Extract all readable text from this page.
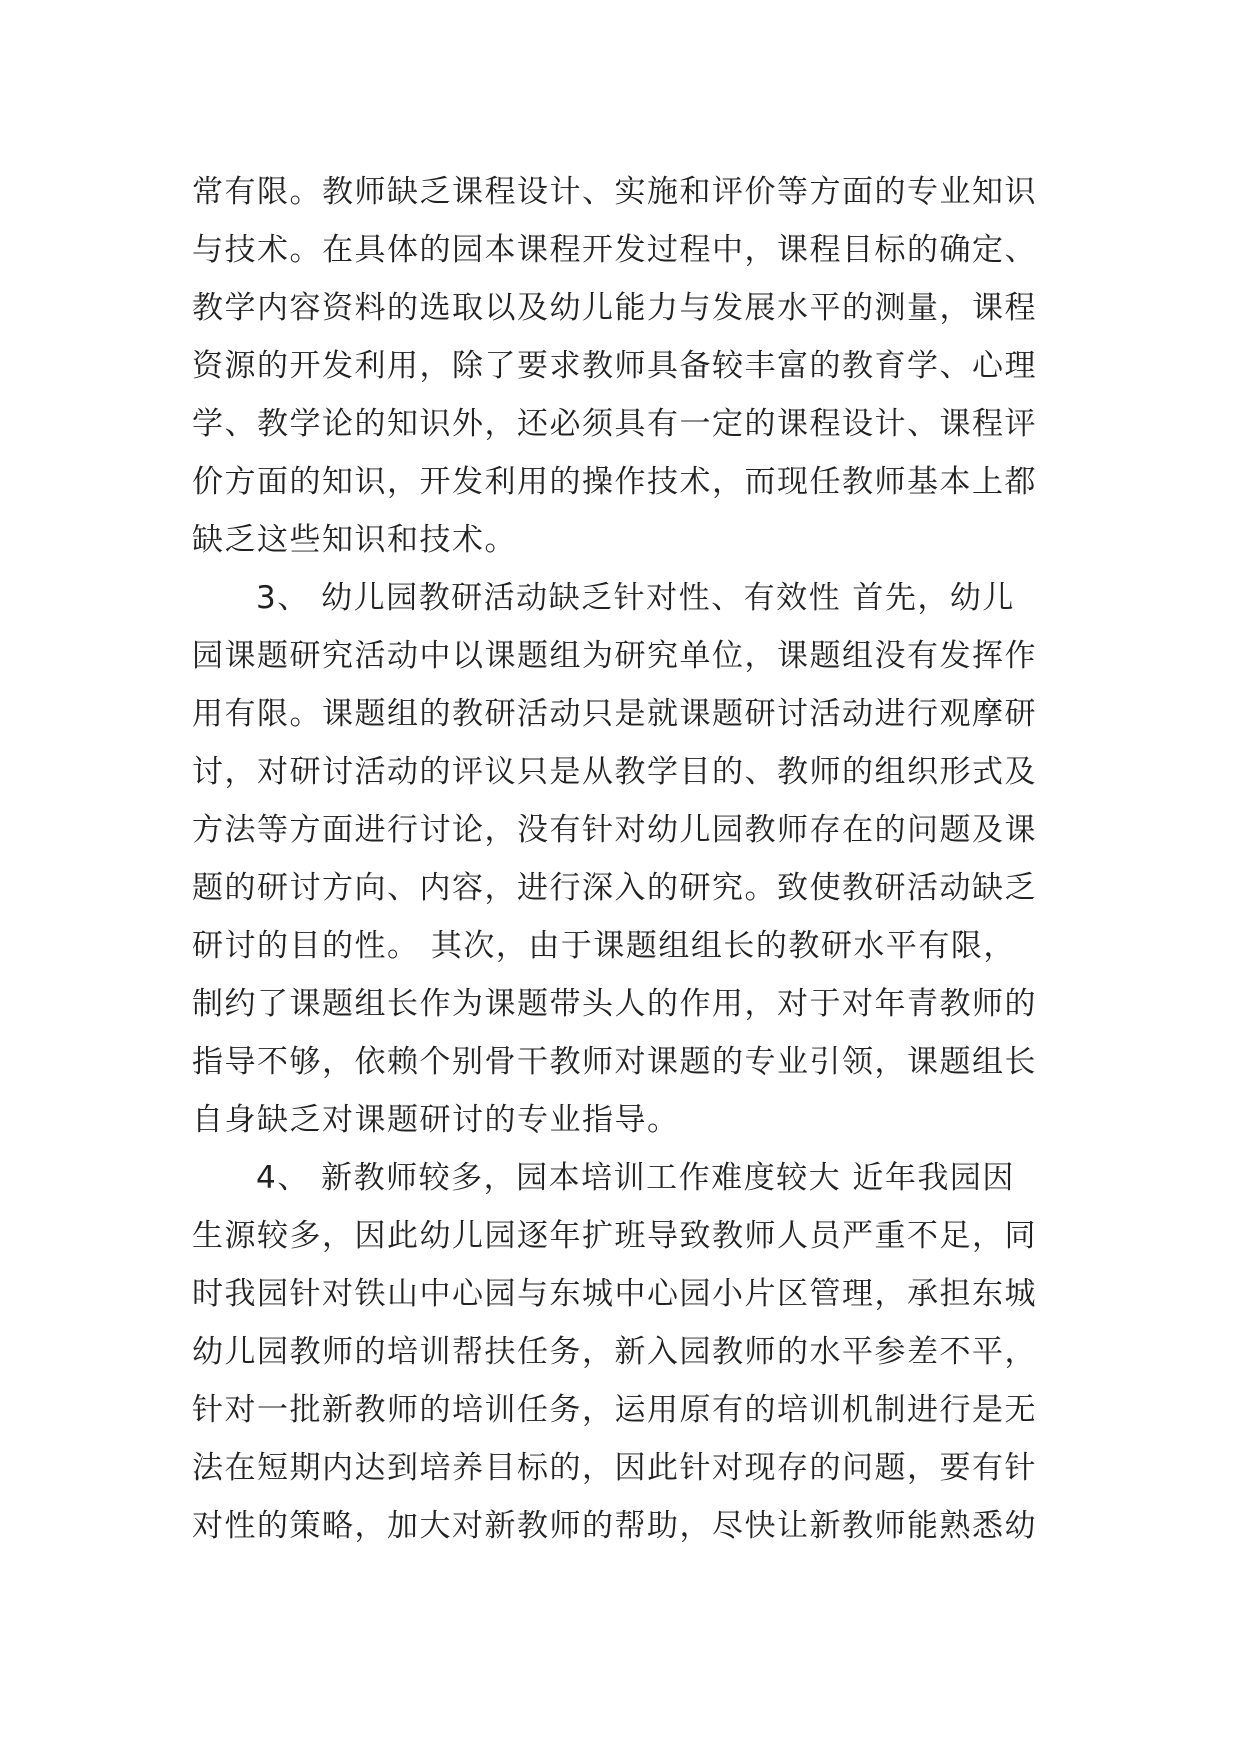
常有限。教师缺乏课程设计、实施和评价等方面的专业知识
与技术。在具体的园本课程开发过程中，课程目标的确定、
教学内容资料的选取以及幼儿能力与发展水平的测量，课程
资源的开发利用，除了要求教师具备较丰富的教育学、心理
学、教学论的知识外，还必须具有一定的课程设计、课程评
价方面的知识，开发利用的操作技术，而现任教师基本上都
缺乏这些知识和技术。
3、 幼儿园教研活动缺乏针对性、有效性 首先，幼儿
园课题研究活动中以课题组为研究单位，课题组没有发挥作
用有限。课题组的教研活动只是就课题研讨活动进行观摩研
讨，对研讨活动的评议只是从教学目的、教师的组织形式及
方法等方面进行讨论，没有针对幼儿园教师存在的问题及课
题的研讨方向、内容，进行深入的研究。致使教研活动缺乏
研讨的目的性。 其次，由于课题组组长的教研水平有限，
制约了课题组长作为课题带头人的作用，对于对年青教师的
指导不够，依赖个别骨干教师对课题的专业引领，课题组长
自身缺乏对课题研讨的专业指导。
4、 新教师较多，园本培训工作难度较大 近年我园因
生源较多，因此幼儿园逐年扩班导致教师人员严重不足，同
时我园针对铁山中心园与东城中心园小片区管理，承担东城
幼儿园教师的培训帮扶任务，新入园教师的水平参差不平，
针对一批新教师的培训任务，运用原有的培训机制进行是无
法在短期内达到培养目标的，因此针对现存的问题，要有针
对性的策略，加大对新教师的帮助，尽快让新教师能熟悉幼
